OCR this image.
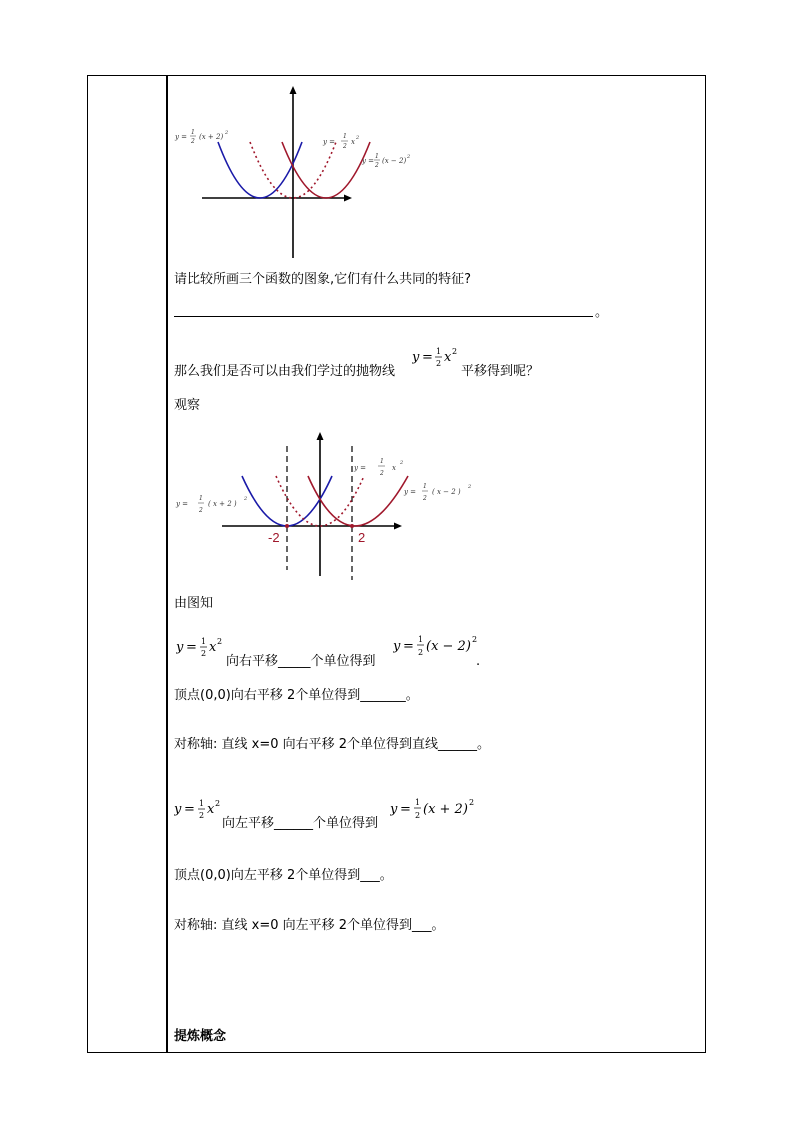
y =
1
2
(x + 2) 2
y =
1
2
x 2
y =
1
2
(x − 2) 2
请比较所画三个函数的图象,它们有什么共同的特征?
。
那么我们是否可以由我们学过的抛物线
y = 1
2 x 2
平移得到呢？
观察
-2	2
y =
1
2
( x + 2 )
2
y =
1
2
x
2
y =
1
2
( x − 2 )
2
由图知
y = 1
2 x 2
向右平移_____个单位得到
y = 1
2 (x − 2) 2
.
顶点(0,0)向右平移 2个单位得到_______。
对称轴: 直线 x=0 向右平移 2个单位得到直线______。
y = 1
2 x 2
向左平移______个单位得到
y = 1
2 (x + 2) 2
顶点(0,0)向左平移 2个单位得到___。
对称轴: 直线 x=0 向左平移 2个单位得到___。
提炼概念
